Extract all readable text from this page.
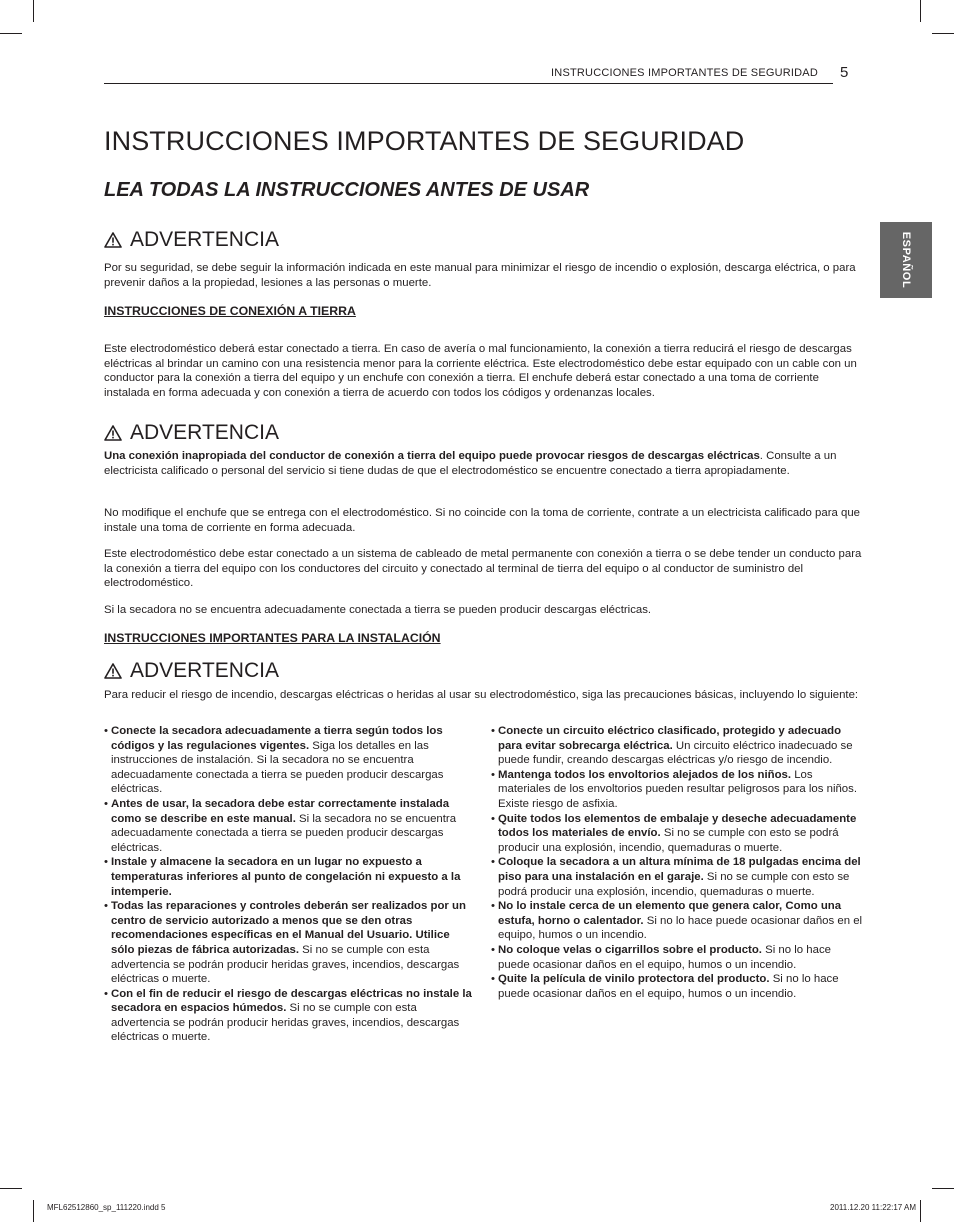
INSTRUCCIONES IMPORTANTES DE SEGURIDAD 5
ESPAÑOL
INSTRUCCIONES IMPORTANTES DE SEGURIDAD
LEA TODAS LA INSTRUCCIONES ANTES DE USAR
ADVERTENCIA

Por su seguridad, se debe seguir la información indicada en este manual para minimizar el riesgo de incendio o explosión, descarga eléctrica, o para prevenir daños a la propiedad, lesiones a las personas o muerte.

INSTRUCCIONES DE CONEXIÓN A TIERRA

Este electrodoméstico deberá estar conectado a tierra. En caso de avería o mal funcionamiento, la conexión a tierra reducirá el riesgo de descargas eléctricas al brindar un camino con una resistencia menor para la corriente eléctrica. Este electrodoméstico debe estar equipado con un cable con un conductor para la conexión a tierra del equipo y un enchufe con conexión a tierra. El enchufe deberá estar conectado a una toma de corriente instalada en forma adecuada y con conexión a tierra de acuerdo con todos los códigos y ordenanzas locales.

ADVERTENCIA

Una conexión inapropiada del conductor de conexión a tierra del equipo puede provocar riesgos de descargas eléctricas. Consulte a un electricista calificado o personal del servicio si tiene dudas de que el electrodoméstico se encuentre conectado a tierra apropiadamente.

No modifique el enchufe que se entrega con el electrodoméstico. Si no coincide con la toma de corriente, contrate a un electricista calificado para que instale una toma de corriente en forma adecuada.

Este electrodoméstico debe estar conectado a un sistema de cableado de metal permanente con conexión a tierra o se debe tender un conducto para la conexión a tierra del equipo con los conductores del circuito y conectado al terminal de tierra del equipo o al conductor de suministro del electrodoméstico.

Si la secadora no se encuentra adecuadamente conectada a tierra se pueden producir descargas eléctricas.

INSTRUCCIONES IMPORTANTES PARA LA INSTALACIÓN
ADVERTENCIA

Para reducir el riesgo de incendio, descargas eléctricas o heridas al usar su electrodoméstico, siga las precauciones básicas, incluyendo lo siguiente:

• Conecte la secadora adecuadamente a tierra según todos los códigos y las regulaciones vigentes. Siga los detalles en las instrucciones de instalación. Si la secadora no se encuentra adecuadamente conectada a tierra se pueden producir descargas eléctricas.
• Antes de usar, la secadora debe estar correctamente instalada como se describe en este manual. Si la secadora no se encuentra adecuadamente conectada a tierra se pueden producir descargas eléctricas.
• Instale y almacene la secadora en un lugar no expuesto a temperaturas inferiores al punto de congelación ni expuesto a la intemperie.
• Todas las reparaciones y controles deberán ser realizados por un centro de servicio autorizado a menos que se den otras recomendaciones específicas en el Manual del Usuario. Utilice sólo piezas de fábrica autorizadas. Si no se cumple con esta advertencia se podrán producir heridas graves, incendios, descargas eléctricas o muerte.
• Con el fin de reducir el riesgo de descargas eléctricas no instale la secadora en espacios húmedos. Si no se cumple con esta advertencia se podrán producir heridas graves, incendios, descargas eléctricas o muerte.
• Conecte un circuito eléctrico clasificado, protegido y adecuado para evitar sobrecarga eléctrica. Un circuito eléctrico inadecuado se puede fundir, creando descargas eléctricas y/o riesgo de incendio.
• Mantenga todos los envoltorios alejados de los niños. Los materiales de los envoltorios pueden resultar peligrosos para los niños. Existe riesgo de asfixia.
• Quite todos los elementos de embalaje y deseche adecuadamente todos los materiales de envío. Si no se cumple con esto se podrá producir una explosión, incendio, quemaduras o muerte.
• Coloque la secadora a un altura mínima de 18 pulgadas encima del piso para una instalación en el garaje. Si no se cumple con esto se podrá producir una explosión, incendio, quemaduras o muerte.
• No lo instale cerca de un elemento que genera calor, Como una estufa, horno o calentador. Si no lo hace puede ocasionar daños en el equipo, humos o un incendio.
• No coloque velas o cigarrillos sobre el producto. Si no lo hace puede ocasionar daños en el equipo, humos o un incendio.
• Quite la película de vinilo protectora del producto. Si no lo hace puede ocasionar daños en el equipo, humos o un incendio.
MFL62512860_sp_111220.indd 5	2011.12.20 11:22:17 AM
